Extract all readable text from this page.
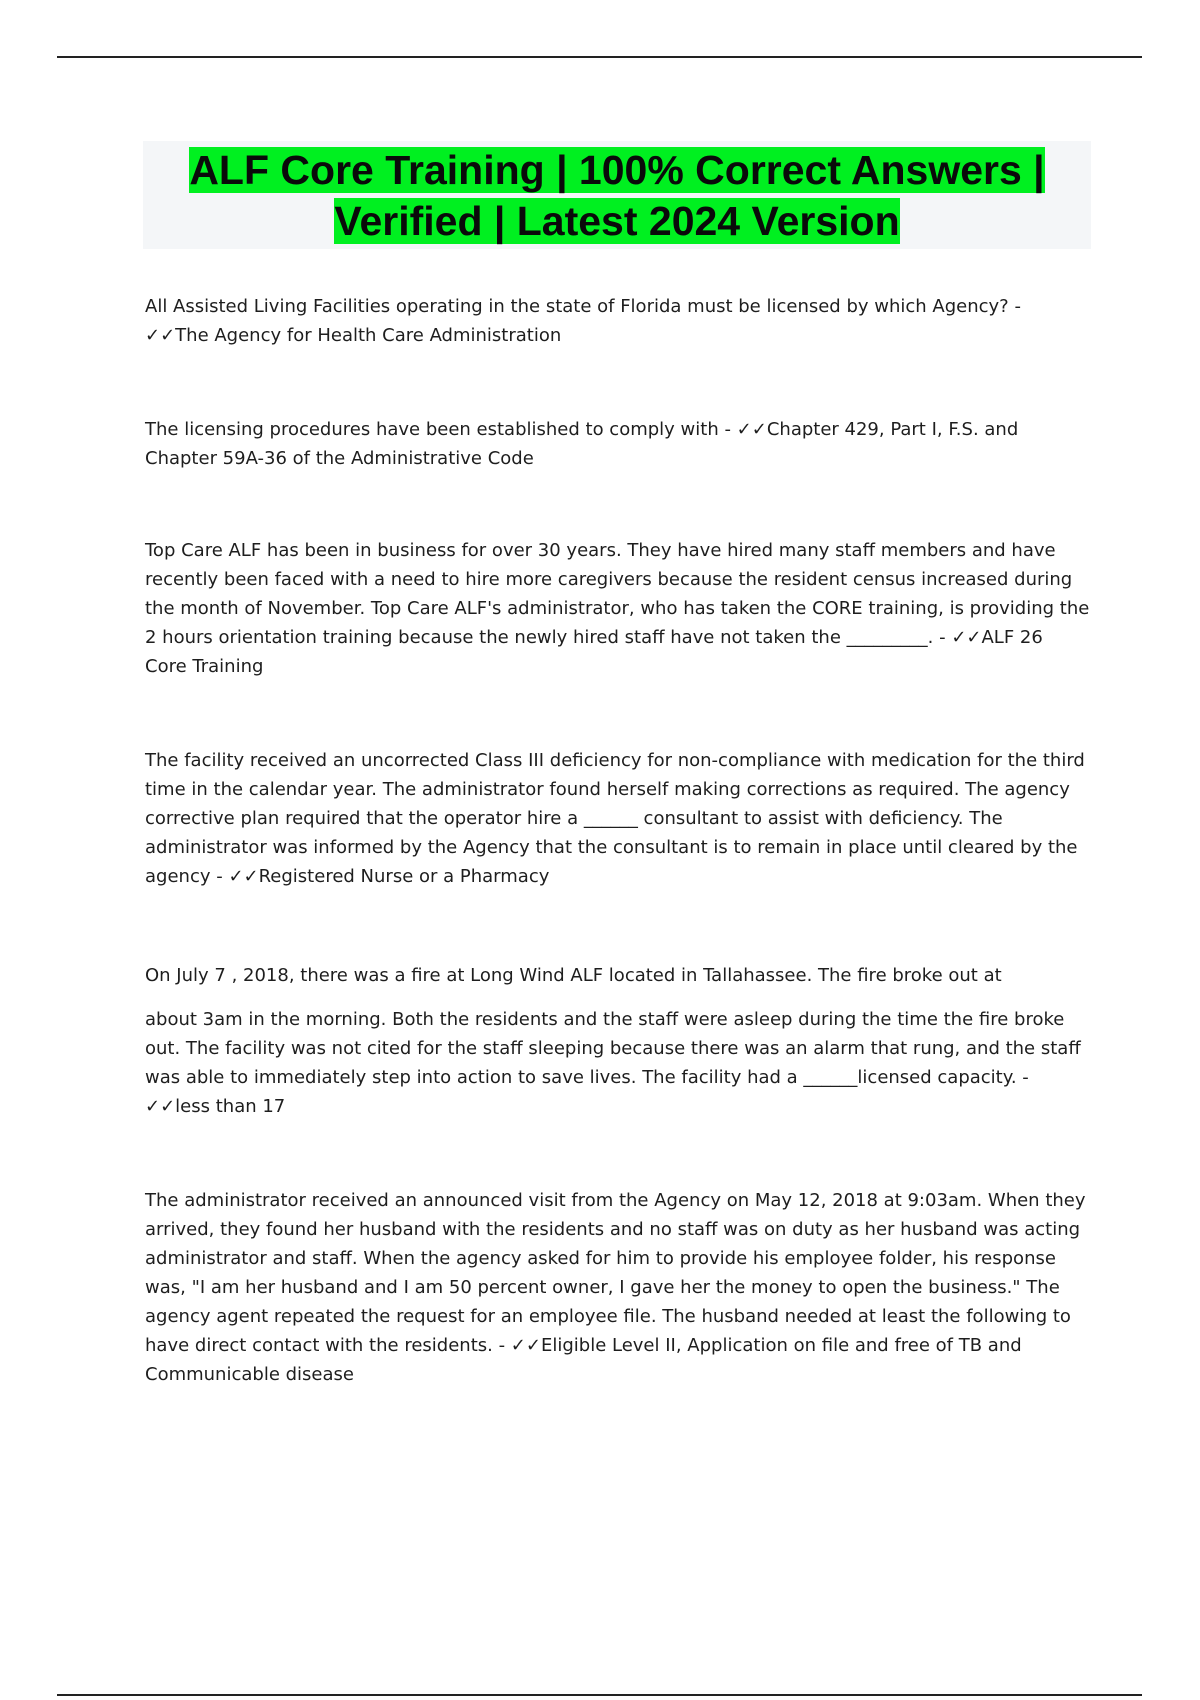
ALF Core Training | 100% Correct Answers | Verified | Latest 2024 Version

All Assisted Living Facilities operating in the state of Florida must be licensed by which Agency? - ✓✓The Agency for Health Care Administration

The licensing procedures have been established to comply with - ✓✓Chapter 429, Part I, F.S. and Chapter 59A-36 of the Administrative Code

Top Care ALF has been in business for over 30 years. They have hired many staff members and have recently been faced with a need to hire more caregivers because the resident census increased during the month of November. Top Care ALF's administrator, who has taken the CORE training, is providing the 2 hours orientation training because the newly hired staff have not taken the _________. - ✓✓ALF 26 Core Training

The facility received an uncorrected Class III deficiency for non-compliance with medication for the third time in the calendar year. The administrator found herself making corrections as required. The agency corrective plan required that the operator hire a ______ consultant to assist with deficiency. The administrator was informed by the Agency that the consultant is to remain in place until cleared by the agency - ✓✓Registered Nurse or a Pharmacy

On July 7 , 2018, there was a fire at Long Wind ALF located in Tallahassee. The fire broke out at

about 3am in the morning. Both the residents and the staff were asleep during the time the fire broke out. The facility was not cited for the staff sleeping because there was an alarm that rung, and the staff was able to immediately step into action to save lives. The facility had a ______licensed capacity. - ✓✓less than 17

The administrator received an announced visit from the Agency on May 12, 2018 at 9:03am. When they arrived, they found her husband with the residents and no staff was on duty as her husband was acting administrator and staff. When the agency asked for him to provide his employee folder, his response was, "I am her husband and I am 50 percent owner, I gave her the money to open the business." The agency agent repeated the request for an employee file. The husband needed at least the following to have direct contact with the residents. - ✓✓Eligible Level II, Application on file and free of TB and Communicable disease
